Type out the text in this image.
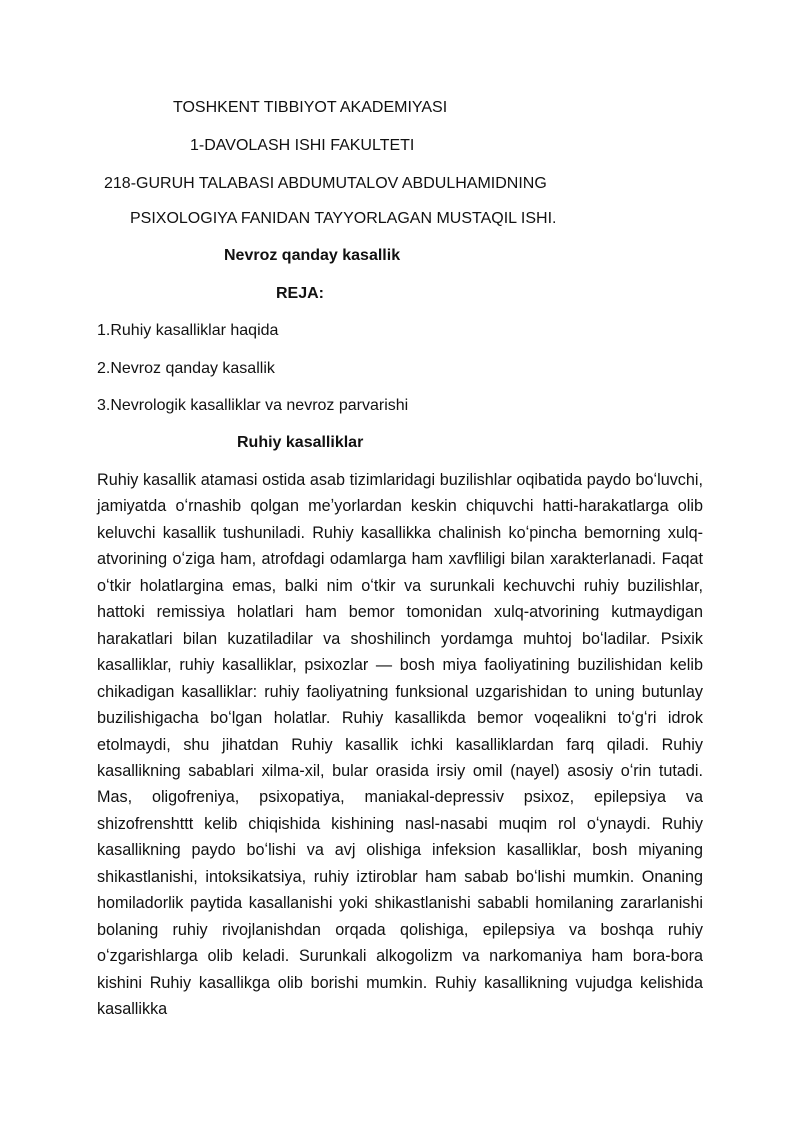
TOSHKENT TIBBIYOT AKADEMIYASI
1-DAVOLASH ISHI FAKULTETI
218-GURUH TALABASI ABDUMUTALOV ABDULHAMIDNING
PSIXOLOGIYA FANIDAN TAYYORLAGAN MUSTAQIL ISHI.
Nevroz qanday kasallik
REJA:
1.Ruhiy kasalliklar haqida
2.Nevroz qanday kasallik
3.Nevrologik kasalliklar va nevroz parvarishi
Ruhiy kasalliklar

Ruhiy kasallik atamasi ostida asab tizimlaridagi buzilishlar oqibatida paydo boʻluvchi, jamiyatda oʻrnashib qolgan meʼyorlardan keskin chiquvchi hatti-harakatlarga olib keluvchi kasallik tushuniladi. Ruhiy kasallikka chalinish koʻpincha bemorning xulq-atvorining oʻziga ham, atrofdagi odamlarga ham xavfliligi bilan xarakterlanadi. Faqat oʻtkir holatlargina emas, balki nim oʻtkir va surunkali kechuvchi ruhiy buzilishlar, hattoki remissiya holatlari ham bemor tomonidan xulq-atvorining kutmaydigan harakatlari bilan kuzatiladilar va shoshilinch yordamga muhtoj boʻladilar. Psixik kasalliklar, ruhiy kasalliklar, psixozlar — bosh miya faoliyatining buzilishidan kelib chikadigan kasalliklar: ruhiy faoliyatning funksional uzgarishidan to uning butunlay buzilishigacha boʻlgan holatlar. Ruhiy kasallikda bemor voqealikni toʻgʻri idrok etolmaydi, shu jihatdan Ruhiy kasallik ichki kasalliklardan farq qiladi. Ruhiy kasallikning sabablari xilma-xil, bular orasida irsiy omil (nayel) asosiy oʻrin tutadi. Mas, oligofreniya, psixopatiya, maniakal-depressiv psixoz, epilepsiya va shizofrenshttt kelib chiqishida kishining nasl-nasabi muqim rol oʻynaydi. Ruhiy kasallikning paydo boʻlishi va avj olishiga infeksion kasalliklar, bosh miyaning shikastlanishi, intoksikatsiya, ruhiy iztiroblar ham sabab boʻlishi mumkin. Onaning homiladorlik paytida kasallanishi yoki shikastlanishi sababli homilaning zararlanishi bolaning ruhiy rivojlanishdan orqada qolishiga, epilepsiya va boshqa ruhiy oʻzgarishlarga olib keladi. Surunkali alkogolizm va narkomaniya ham bora-bora kishini Ruhiy kasallikga olib borishi mumkin. Ruhiy kasallikning vujudga kelishida kasallikka
